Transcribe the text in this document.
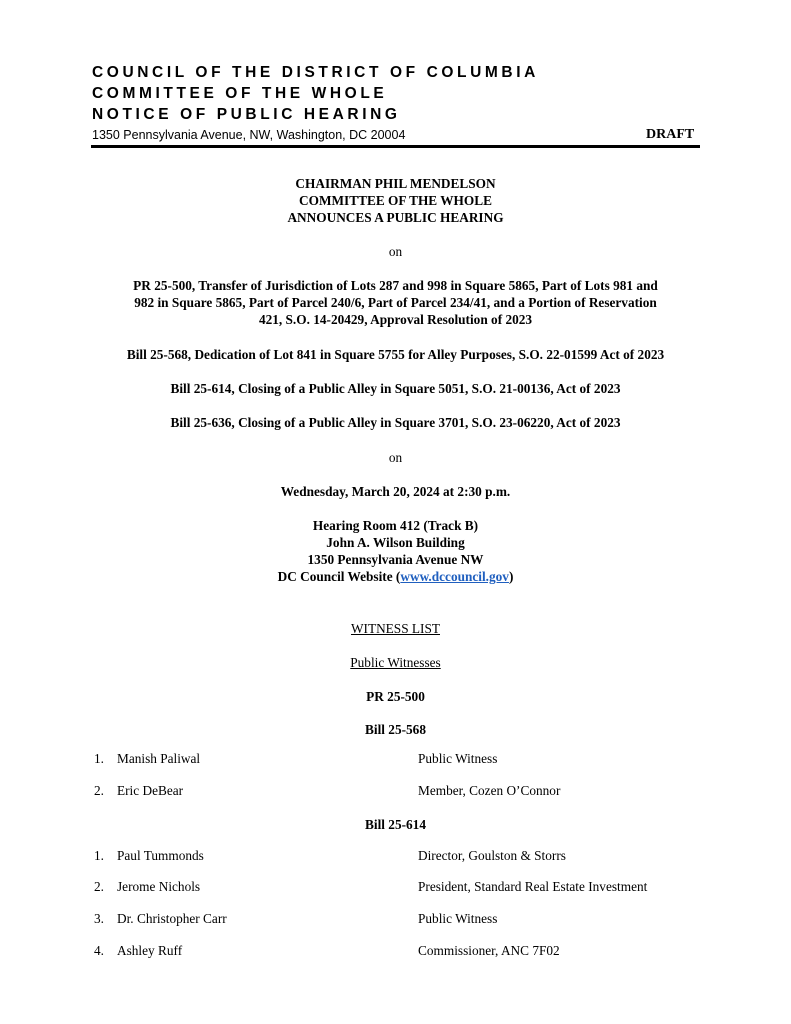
COUNCIL OF THE DISTRICT OF COLUMBIA
COMMITTEE OF THE WHOLE
NOTICE OF PUBLIC HEARING
1350 Pennsylvania Avenue, NW, Washington, DC 20004	DRAFT
CHAIRMAN PHIL MENDELSON
COMMITTEE OF THE WHOLE
ANNOUNCES A PUBLIC HEARING
on
PR 25-500, Transfer of Jurisdiction of Lots 287 and 998 in Square 5865, Part of Lots 981 and
982 in Square 5865, Part of Parcel 240/6, Part of Parcel 234/41, and a Portion of Reservation
421, S.O. 14-20429, Approval Resolution of 2023
Bill 25-568, Dedication of Lot 841 in Square 5755 for Alley Purposes, S.O. 22-01599 Act of 2023
Bill 25-614, Closing of a Public Alley in Square 5051, S.O. 21-00136, Act of 2023
Bill 25-636, Closing of a Public Alley in Square 3701, S.O. 23-06220, Act of 2023
on
Wednesday, March 20, 2024 at 2:30 p.m.
Hearing Room 412 (Track B)
John A. Wilson Building
1350 Pennsylvania Avenue NW
DC Council Website (www.dccouncil.gov)
WITNESS LIST
Public Witnesses
PR 25-500
Bill 25-568
1. Manish Paliwal	Public Witness
2. Eric DeBear	Member, Cozen O’Connor
Bill 25-614
1. Paul Tummonds	Director, Goulston & Storrs
2. Jerome Nichols	President, Standard Real Estate Investment
3. Dr. Christopher Carr	Public Witness
4. Ashley Ruff	Commissioner, ANC 7F02
